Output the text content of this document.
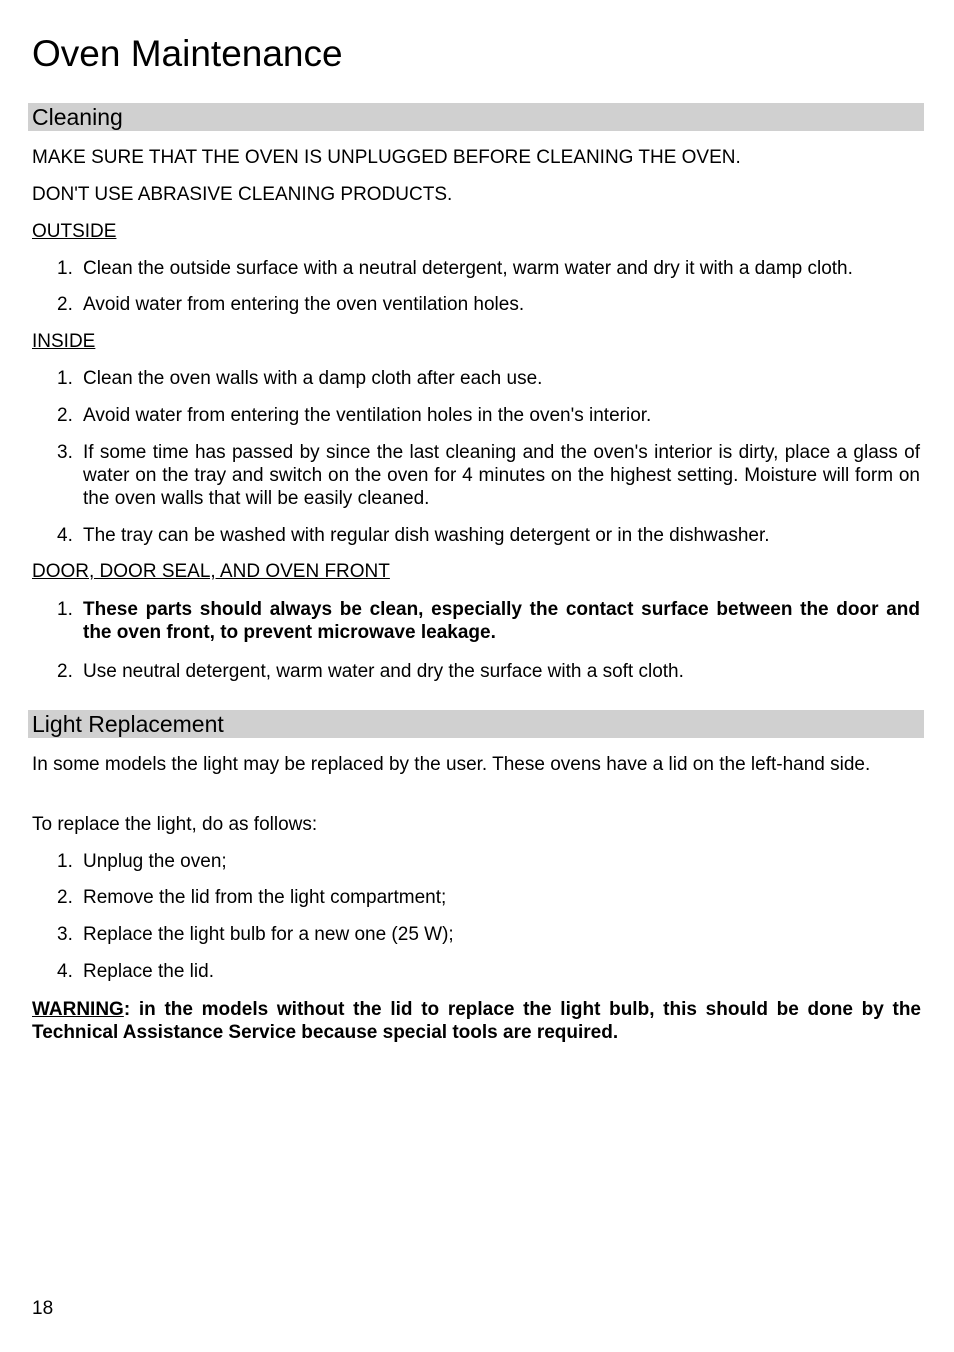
Oven Maintenance
Cleaning

MAKE SURE THAT THE OVEN IS UNPLUGGED BEFORE CLEANING THE OVEN.

DON'T USE ABRASIVE CLEANING PRODUCTS.

OUTSIDE
1. Clean the outside surface with a neutral detergent, warm water and dry it with a damp cloth.
2. Avoid water from entering the oven ventilation holes.
INSIDE
1. Clean the oven walls with a damp cloth after each use.
2. Avoid water from entering the ventilation holes in the oven's interior.
3. If some time has passed by since the last cleaning and the oven's interior is dirty, place a glass of water on the tray and switch on the oven for 4 minutes on the highest setting. Moisture will form on the oven walls that will be easily cleaned.
4. The tray can be washed with regular dish washing detergent or in the dishwasher.
DOOR, DOOR SEAL, AND OVEN FRONT
1. These parts should always be clean, especially the contact surface between the door and the oven front, to prevent microwave leakage.
2. Use neutral detergent, warm water and dry the surface with a soft cloth.
Light Replacement

In some models the light may be replaced by the user. These ovens have a lid on the left-hand side.

To replace the light, do as follows:

1. Unplug the oven;
2. Remove the lid from the light compartment;
3. Replace the light bulb for a new one (25 W);
4. Replace the lid.

WARNING: in the models without the lid to replace the light bulb, this should be done by the Technical Assistance Service because special tools are required.

18
